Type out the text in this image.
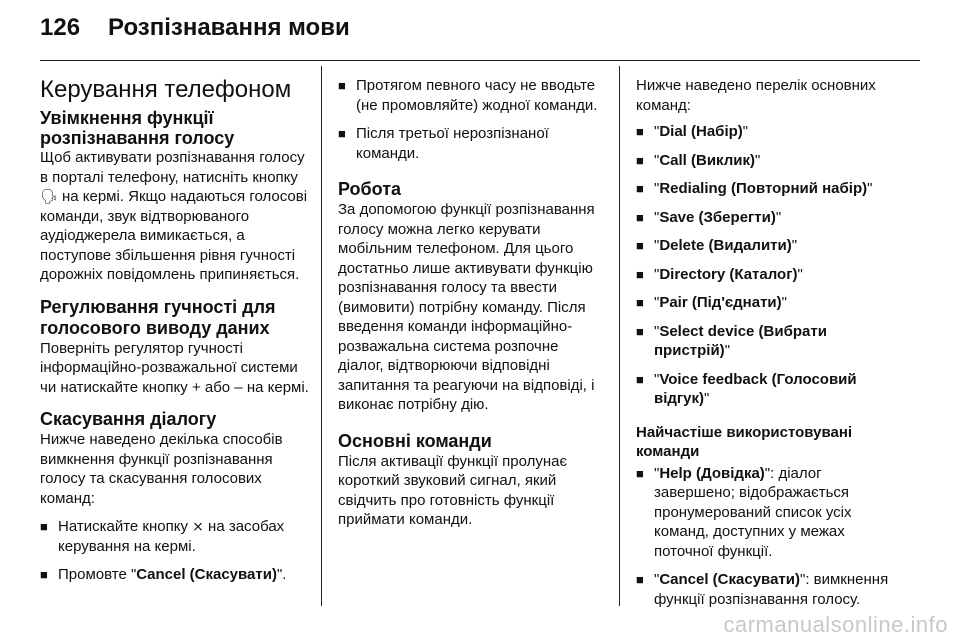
126 Розпізнавання мови
Керування телефоном
Увімкнення функції розпізнавання голосу

Щоб активувати розпізнавання голосу в порталі телефону, натисніть кнопку 🗣︎ на кермі. Якщо надаються голосові команди, звук відтворюваного аудіоджерела вимикається, а поступове збільшення рівня гучності дорожніх повідомлень припиняється.

Регулювання гучності для голосового виводу даних

Поверніть регулятор гучності інформаційно-розважальної системи чи натискайте кнопку + або – на кермі.

Скасування діалогу

Нижче наведено декілька способів вимкнення функції розпізнавання голосу та скасування голосових команд:

■ Натискайте кнопку ⨯ на засобах керування на кермі.
■ Промовте "Cancel (Скасувати)".
■ Протягом певного часу не вводьте (не промовляйте) жодної команди.
■ Після третьої нерозпізнаної команди.
Робота

За допомогою функції розпізнавання голосу можна легко керувати мобільним телефоном. Для цього достатньо лише активувати функцію розпізнавання голосу та ввести (вимовити) потрібну команду. Після введення команди інформаційно-розважальна система розпочне діалог, відтворюючи відповідні запитання та реагуючи на відповіді, і виконає потрібну дію.

Основні команди

Після активації функції пролунає короткий звуковий сигнал, який свідчить про готовність функції приймати команди.

Нижче наведено перелік основних команд:

■ "Dial (Набір)"
■ "Call (Виклик)"
■ "Redialing (Повторний набір)"
■ "Save (Зберегти)"
■ "Delete (Видалити)"
■ "Directory (Каталог)"
■ "Pair (Під'єднати)"
■ "Select device (Вибрати пристрій)"
■ "Voice feedback (Голосовий відгук)"
Найчастіше використовувані команди
■ "Help (Довідка)": діалог завершено; відображається пронумерований список усіх команд, доступних у межах поточної функції.
■ "Cancel (Скасувати)": вимкнення функції розпізнавання голосу.
carmanualsonline.info
